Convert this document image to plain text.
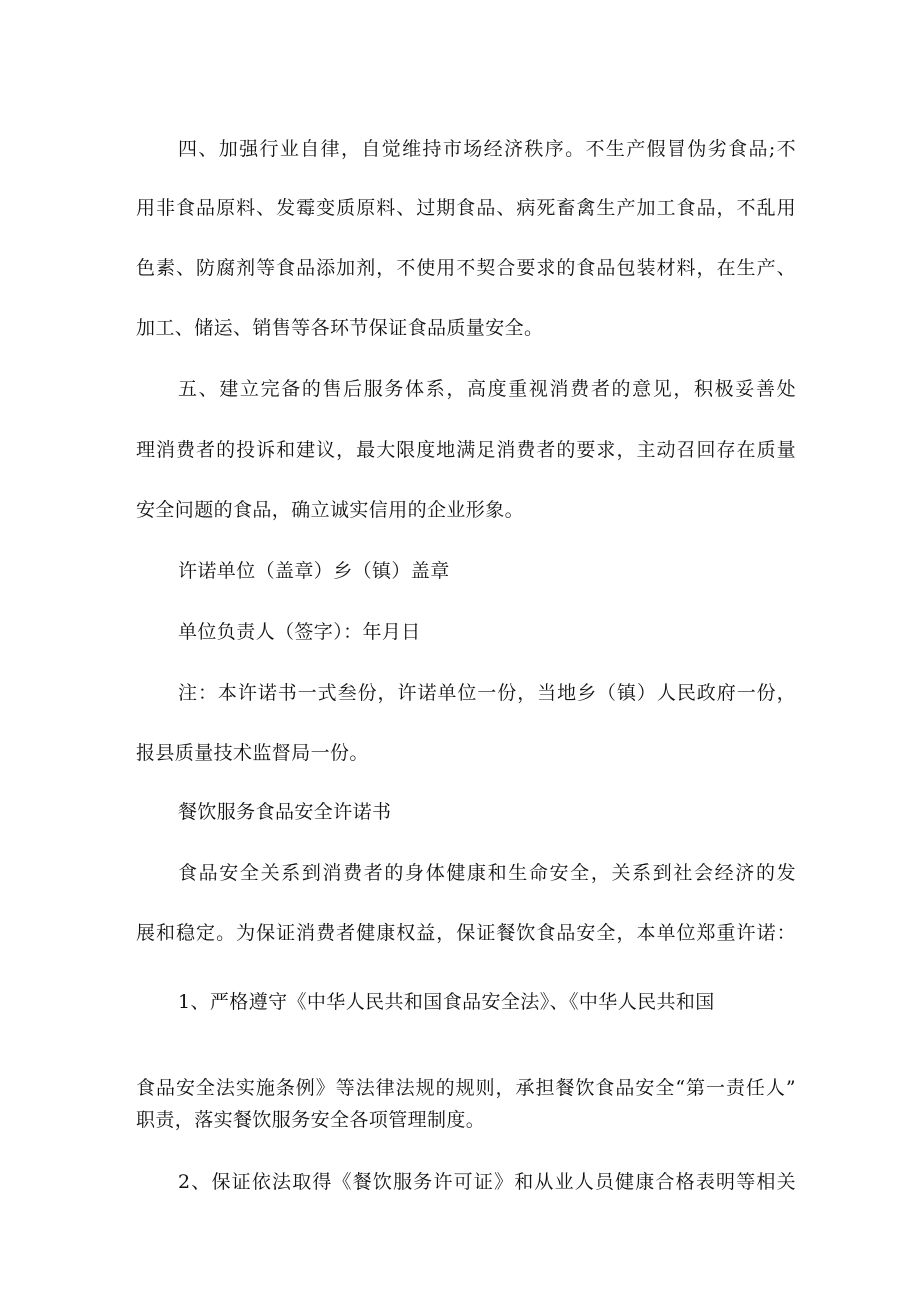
四、加强行业自律，自觉维持市场经济秩序。不生产假冒伪劣食品;不
用非食品原料、发霉变质原料、过期食品、病死畜禽生产加工食品，不乱用
色素、防腐剂等食品添加剂，不使用不契合要求的食品包装材料，在生产、
加工、储运、销售等各环节保证食品质量安全。
五、建立完备的售后服务体系，高度重视消费者的意见，积极妥善处
理消费者的投诉和建议，最大限度地满足消费者的要求，主动召回存在质量
安全问题的食品，确立诚实信用的企业形象。
许诺单位（盖章）乡（镇）盖章
单位负责人（签字）：年月日
注：本许诺书一式叁份，许诺单位一份，当地乡（镇）人民政府一份，
报县质量技术监督局一份。
餐饮服务食品安全许诺书
食品安全关系到消费者的身体健康和生命安全，关系到社会经济的发
展和稳定。为保证消费者健康权益，保证餐饮食品安全，本单位郑重许诺：
1、严格遵守《中华人民共和国食品安全法》、《中华人民共和国
食品安全法实施条例》等法律法规的规则，承担餐饮食品安全“第一责任人”
职责，落实餐饮服务安全各项管理制度。
2、保证依法取得《餐饮服务许可证》和从业人员健康合格表明等相关
